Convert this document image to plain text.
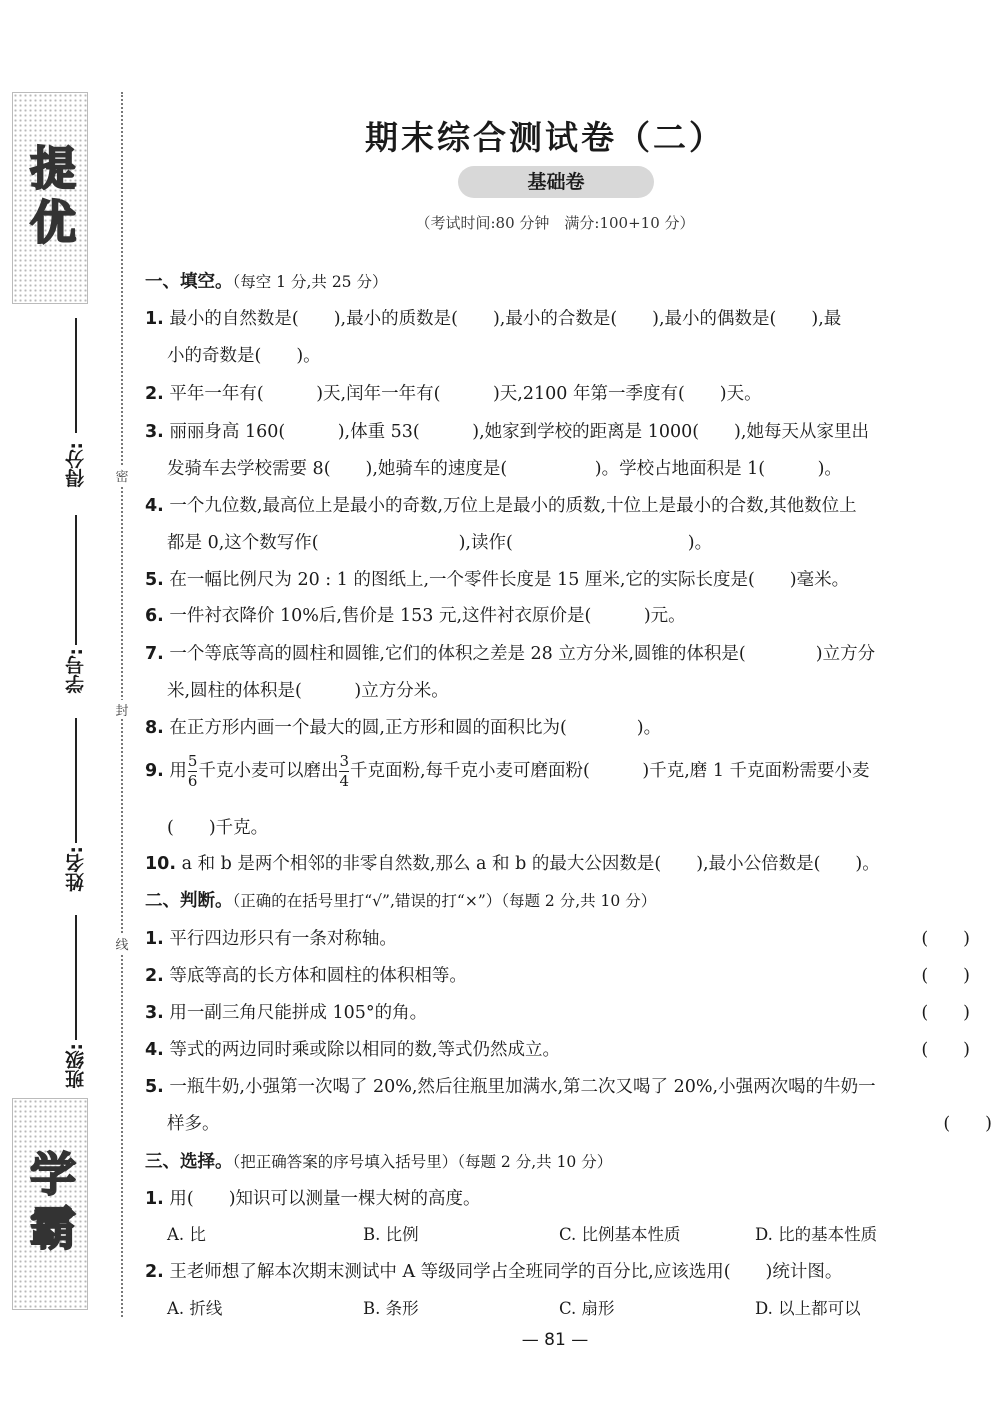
提优
得分:
学号:
姓名:
班级:
学霸
密
封
线
期末综合测试卷（二）
基础卷
（考试时间:80 分钟　满分:100+10 分）
一、填空。（每空 1 分,共 25 分）
1. 最小的自然数是(　　),最小的质数是(　　),最小的合数是(　　),最小的偶数是(　　),最
小的奇数是(　　)。
2. 平年一年有(　　　)天,闰年一年有(　　　)天,2100 年第一季度有(　　)天。
3. 丽丽身高 160(　　　),体重 53(　　　),她家到学校的距离是 1000(　　),她每天从家里出
发骑车去学校需要 8(　　),她骑车的速度是(　　　　　)。学校占地面积是 1(　　　)。
4. 一个九位数,最高位上是最小的奇数,万位上是最小的质数,十位上是最小的合数,其他数位上
都是 0,这个数写作(　　　　　　　　),读作(　　　　　　　　　　)。
5. 在一幅比例尺为 20 : 1 的图纸上,一个零件长度是 15 厘米,它的实际长度是(　　)毫米。
6. 一件衬衣降价 10%后,售价是 153 元,这件衬衣原价是(　　　)元。
7. 一个等底等高的圆柱和圆锥,它们的体积之差是 28 立方分米,圆锥的体积是(　　　　)立方分
米,圆柱的体积是(　　　)立方分米。
8. 在正方形内画一个最大的圆,正方形和圆的面积比为(　　　　)。
9. 用 $\frac{5}{6}$ 千克小麦可以磨出 $\frac{3}{4}$ 千克面粉,每千克小麦可磨面粉(　　　)千克,磨 1 千克面粉需要小麦
(　　)千克。
10. a 和 b 是两个相邻的非零自然数,那么 a 和 b 的最大公因数是(　　),最小公倍数是(　　)。
二、判断。（正确的在括号里打“√”,错误的打“×”）（每题 2 分,共 10 分）
1. 平行四边形只有一条对称轴。	(　　)
2. 等底等高的长方体和圆柱的体积相等。	(　　)
3. 用一副三角尺能拼成 105°的角。	(　　)
4. 等式的两边同时乘或除以相同的数,等式仍然成立。	(　　)
5. 一瓶牛奶,小强第一次喝了 20%,然后往瓶里加满水,第二次又喝了 20%,小强两次喝的牛奶一
样多。	(　　)
三、选择。（把正确答案的序号填入括号里）（每题 2 分,共 10 分）
1. 用(　　)知识可以测量一棵大树的高度。
A. 比	B. 比例	C. 比例基本性质	D. 比的基本性质
2. 王老师想了解本次期末测试中 A 等级同学占全班同学的百分比,应该选用(　　)统计图。
A. 折线	B. 条形	C. 扇形	D. 以上都可以
— 81 —
